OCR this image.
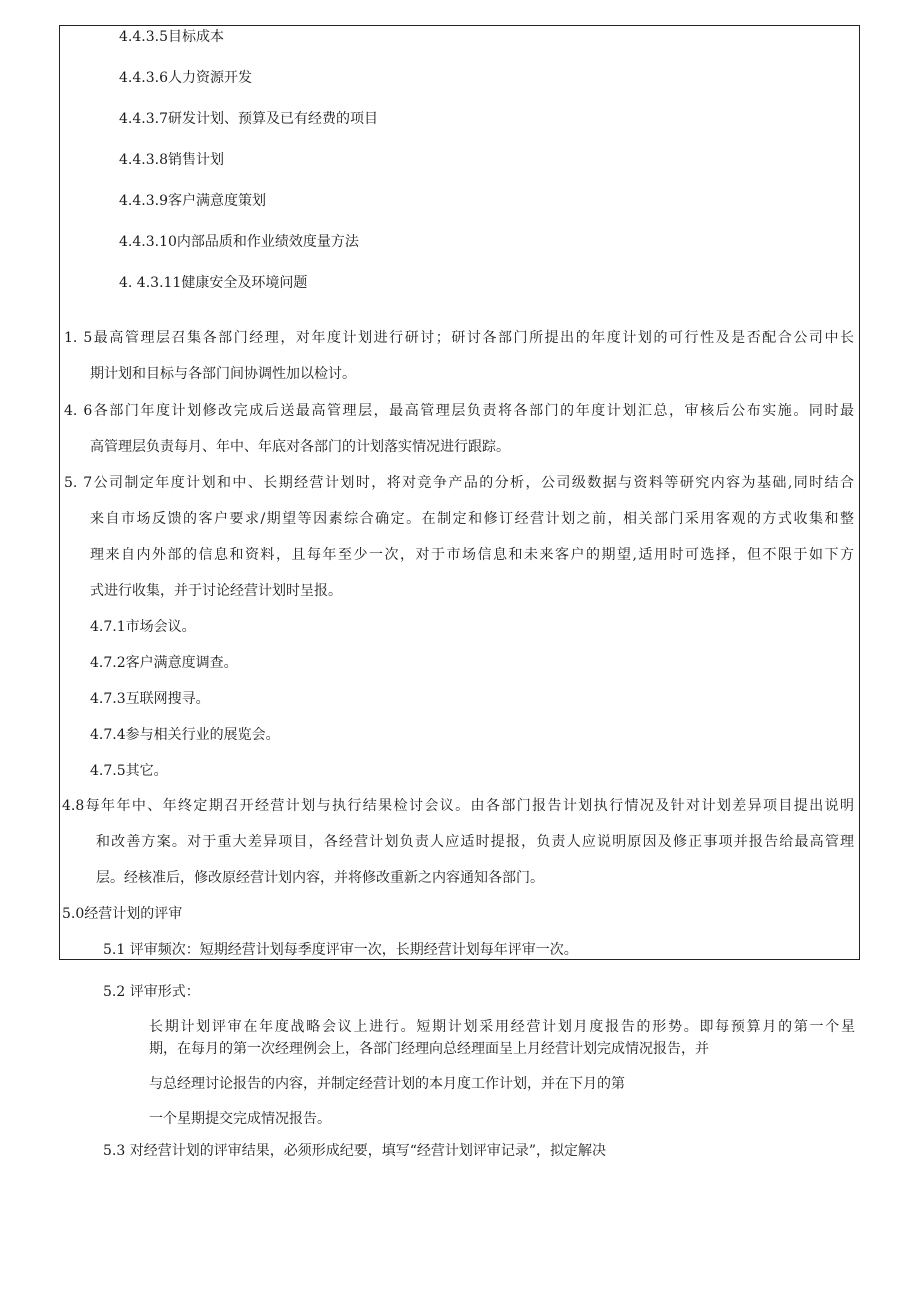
4.4.3.5目标成本
4.4.3.6人力资源开发
4.4.3.7研发计划、预算及已有经费的项目
4.4.3.8销售计划
4.4.3.9客户满意度策划
4.4.3.10内部品质和作业绩效度量方法
4. 4.3.11健康安全及环境问题
1. 5最高管理层召集各部门经理，对年度计划进行研讨；研讨各部门所提出的年度计划的可行性及是否配合公司中长
期计划和目标与各部门间协调性加以检讨。
4. 6各部门年度计划修改完成后送最高管理层，最高管理层负责将各部门的年度计划汇总，审核后公布实施。同时最
高管理层负责每月、年中、年底对各部门的计划落实情况进行跟踪。
5. 7公司制定年度计划和中、长期经营计划时，将对竞争产品的分析，公司级数据与资料等研究内容为基础,同时结合
来自市场反馈的客户要求/期望等因素综合确定。在制定和修订经营计划之前，相关部门采用客观的方式收集和整
理来自内外部的信息和资料，且每年至少一次，对于市场信息和未来客户的期望,适用时可选择，但不限于如下方
式进行收集，并于讨论经营计划时呈报。
4.7.1市场会议。
4.7.2客户满意度调查。
4.7.3互联网搜寻。
4.7.4参与相关行业的展览会。
4.7.5其它。
4.8每年年中、年终定期召开经营计划与执行结果检讨会议。由各部门报告计划执行情况及针对计划差异项目提出说明
和改善方案。对于重大差异项目，各经营计划负责人应适时提报，负责人应说明原因及修正事项并报告给最高管理
层。经核准后，修改原经营计划内容，并将修改重新之内容通知各部门。
5.0经营计划的评审
5.1 评审频次：短期经营计划每季度评审一次，长期经营计划每年评审一次。
5.2 评审形式：
长期计划评审在年度战略会议上进行。短期计划采用经营计划月度报告的形势。即每预算月的第一个星
期，在每月的第一次经理例会上，各部门经理向总经理面呈上月经营计划完成情况报告，并
与总经理讨论报告的内容，并制定经营计划的本月度工作计划，并在下月的第
一个星期提交完成情况报告。
5.3 对经营计划的评审结果，必须形成纪要，填写“经营计划评审记录”，拟定解决
